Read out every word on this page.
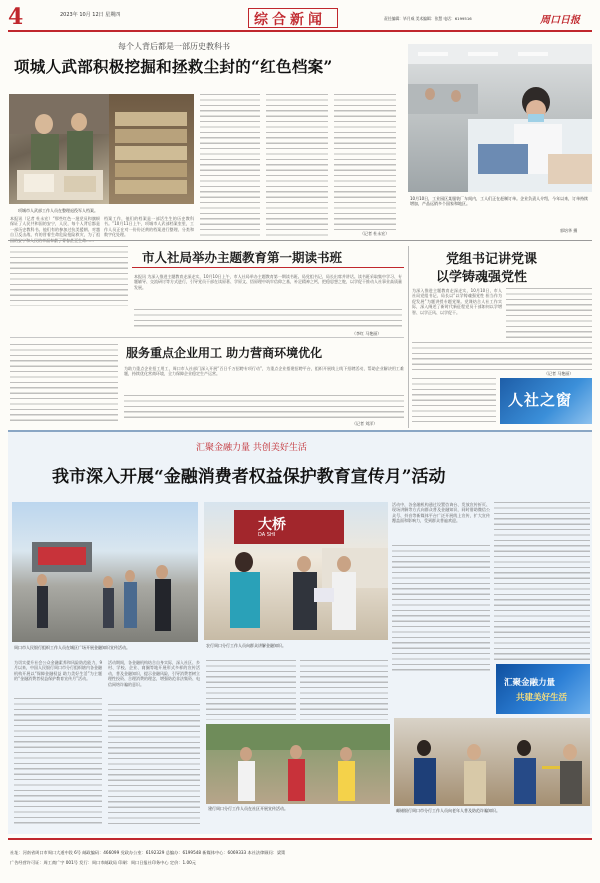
4	2023年 10月 12日 星期四	综合新闻	责任编辑：毕月威 美术编辑：张慧 电话：6199516	周口日报
每个人背后都是一部历史教科书
项城人武部积极挖掘和拯救尘封的“红色档案”
项城市人武部工作人员在整理退役军人档案。
本报讯（记者 杜永宏）“那些红色一批党员和旗帜保证了人民共和国的安宁，人民，每个人背后都是一部历史教科书。他们有的参加过抗美援朝、对越自卫反击战，有的冒着生命危险抢险救灾，为了祖
档案工作，他们的档案是一部活生生的历史教科书。”10月11日上午，项城市人武部档案室里，工作人员正在对一份份泛黄的档案进行整理、分类和数字化处理。	（记者 杜永宏）
10月10日，工业园区某服装厂车间内，工人们正在赶制订单。企业负责人介绍，今年以来，订单持续增加，产品远销多个国家和地区。
郭培华 摄
市人社局举办主题教育第一期读书班
本报讯 为深入推进主题教育走深走实，10月10日上午，市人社局举办主题教育第一期读书班。局党组书记、局长出席并讲话。读书班采取集中学习、专题辅导、交流研讨等方式进行，引导党员干部在读原著、学原文、悟原理中筑牢信仰之基，补足精神之钙，把稳思想之舵，以学促干推动人社事业高质量发展。
（李红 马艳丽）
服务重点企业用工 助力营商环境优化
为助力重点企业招工用工，周口市人社部门深入开展“百日千万招聘专项行动”，为重点企业搭建招聘平台，组织开展线上线下招聘活动，帮助企业解决用工难题，持续优化营商环境，全力保障企业稳定生产运营。
（记者 刘洋）
党组书记讲党课
以学铸魂强党性
为深入推进主题教育走深走实，10月10日，市人社局党组书记、局长以“以学铸魂强党性 担当作为促发展”为题讲授专题党课。党课结合人社工作实际，深入阐述了新时代新征程党员干部如何以学增智、以学正风、以学促干。
（记者 马艳丽）
人社之窗
汇聚金融力量 共创美好生活
我市深入开展“金融消费者权益保护教育宣传月”活动
周口市人民银行组织工作人员在城区广场开展金融知识宣传活动。
大桥
DA SHI
农行周口分行工作人员向群众讲解金融知识。
活动中，各金融机构通过设置咨询台、发放宣传折页、现场讲解等方式向群众普及金融知识，同时借助微信公众号、抖音等新媒体平台广泛开展线上宣传，扩大宣传覆盖面和影响力，受到群众普遍欢迎。
汇聚金融力量
共建美好生活
为切实提升社会公众金融素养和风险防范能力，9月以来，中国人民银行周口市分行组织辖内各金融机构开展以“保障金融权益 助力美好生活”为主题的“金融消费者权益保护教育宣传月”活动。
活动期间，各金融机构结合自身实际，深入社区、乡村、学校、企业、商圈等地开展形式多样的宣传活动，普及金融知识，提示金融风险，引导消费者树立理性投资、合理消费的理念，增强防范非法集资、电信网络诈骗的意识。
建行周口分行工作人员在社区开展宣传活动。	邮储银行周口市分行工作人员向老年人普及防范诈骗知识。
社址：河南省周口市周口大道中段 6号 邮政编码：466099 党政办公室：6192329 总编办：6199548 新媒体中心：6069333 本社法律顾问：梁策
广告经营许可证：周工商广字 001号 发行：周口市邮政局 印刷：周口日报社印务中心 定价：1.00元
